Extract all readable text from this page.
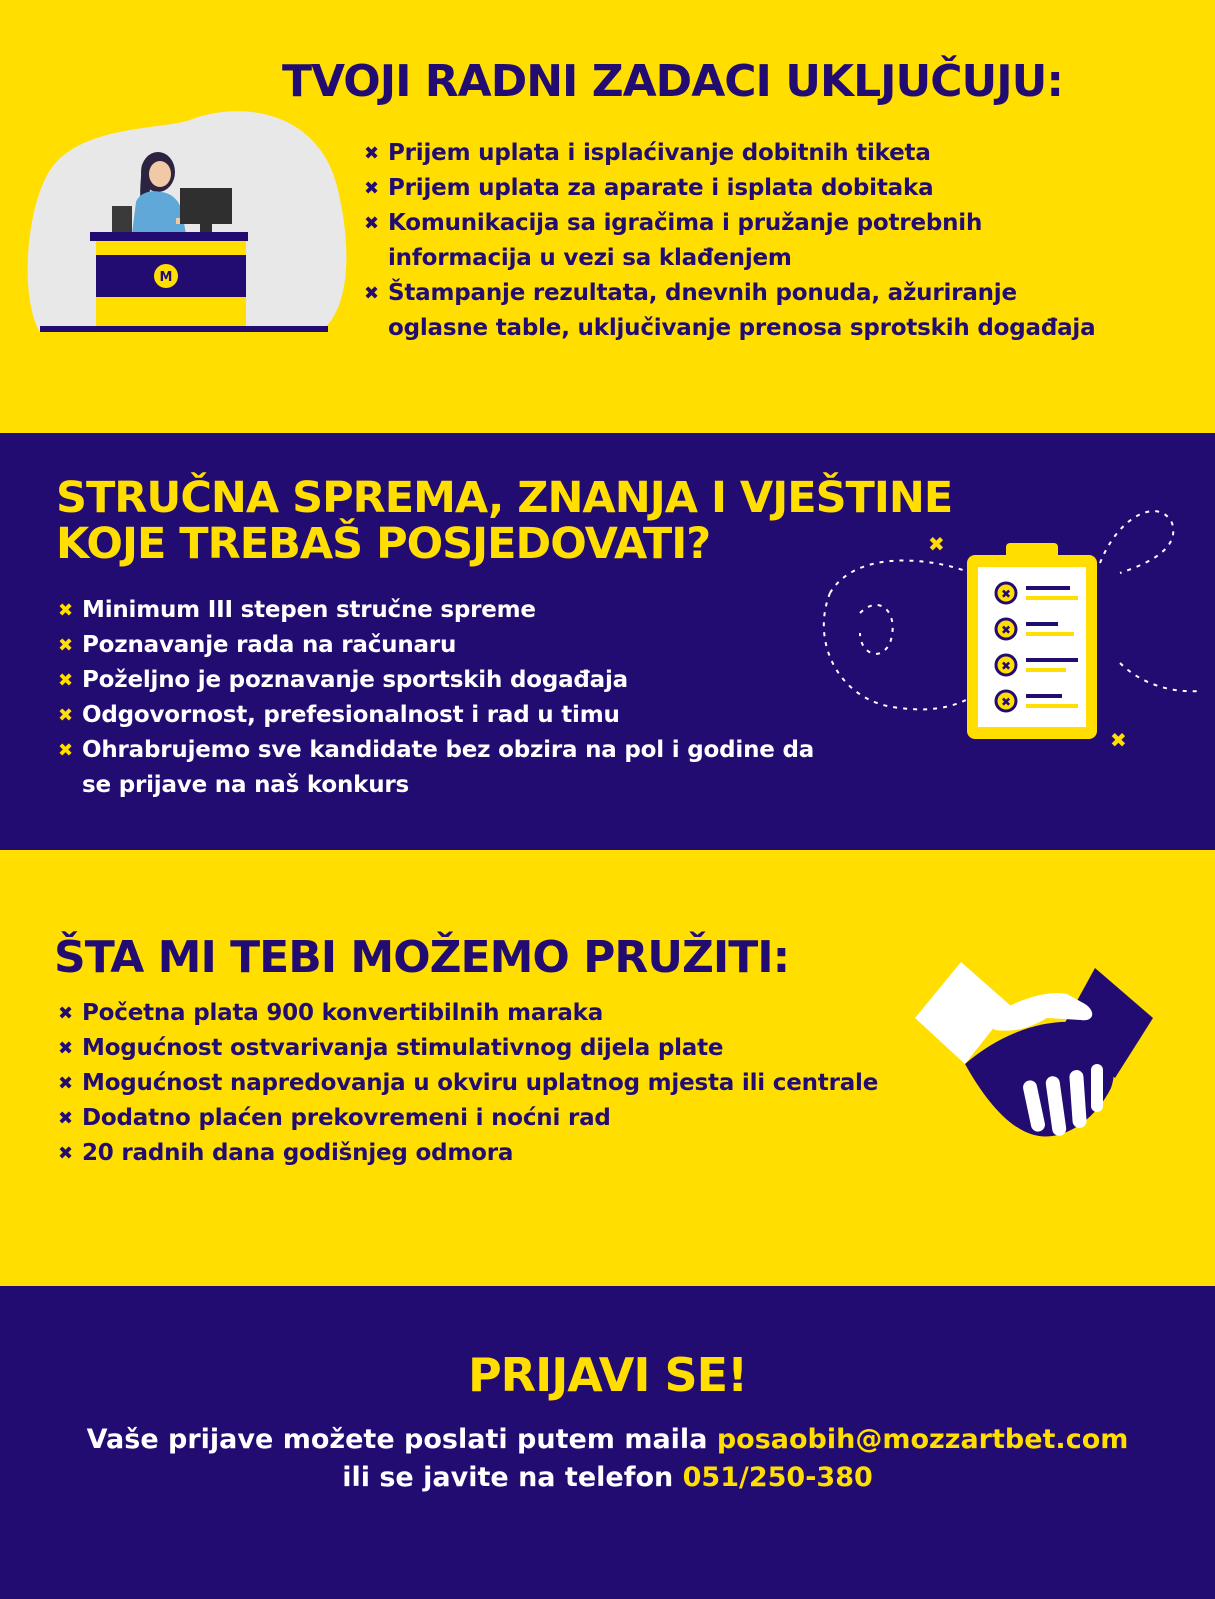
TVOJI RADNI ZADACI UKLJUČUJU:
M
✖ Prijem uplata i isplaćivanje dobitnih tiketa
✖ Prijem uplata za aparate i isplata dobitaka
✖ Komunikacija sa igračima i pružanje potrebnih informacija u vezi sa klađenjem
✖ Štampanje rezultata, dnevnih ponuda, ažuriranje oglasne table, uključivanje prenosa sprotskih događaja
STRUČNA SPREMA, ZNANJA I VJEŠTINE
KOJE TREBAŠ POSJEDOVATI?
✖ Minimum III stepen stručne spreme
✖ Poznavanje rada na računaru
✖ Poželjno je poznavanje sportskih događaja
✖ Odgovornost, prefesionalnost i rad u timu
✖ Ohrabrujemo sve kandidate bez obzira na pol i godine da se prijave na naš konkurs
✖
✖
✖
✖
✖
✖
ŠTA MI TEBI MOŽEMO PRUŽITI:
✖ Početna plata 900 konvertibilnih maraka
✖ Mogućnost ostvarivanja stimulativnog dijela plate
✖ Mogućnost napredovanja u okviru uplatnog mjesta ili centrale
✖ Dodatno plaćen prekovremeni i noćni rad
✖ 20 radnih dana godišnjeg odmora
PRIJAVI SE!
Vaše prijave možete poslati putem maila posaobih@mozzartbet.com
ili se javite na telefon 051/250-380
